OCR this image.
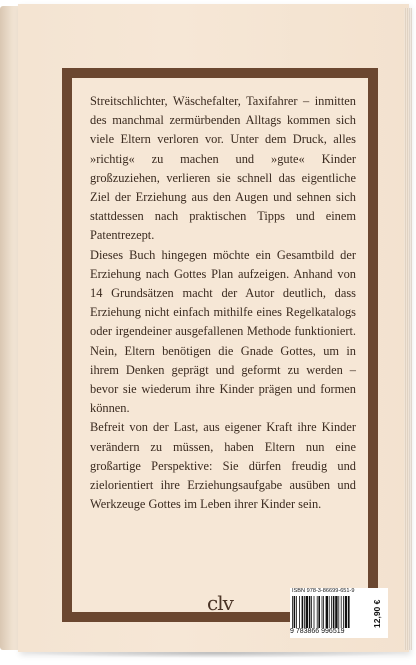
Streitschlichter, Wäschefalter, Taxifahrer – inmitten des manchmal zermürbenden Alltags kommen sich viele Eltern verloren vor. Unter dem Druck, alles »richtig« zu machen und »gute« Kinder großzuziehen, verlieren sie schnell das eigentliche Ziel der Erziehung aus den Augen und sehnen sich stattdessen nach praktischen Tipps und einem Patentrezept.

Dieses Buch hingegen möchte ein Gesamtbild der Erziehung nach Gottes Plan aufzeigen. Anhand von 14 Grundsätzen macht der Autor deutlich, dass Erziehung nicht einfach mithilfe eines Regelkatalogs oder irgendeiner ausgefallenen Methode funktioniert. Nein, Eltern benötigen die Gnade Gottes, um in ihrem Denken geprägt und geformt zu werden – bevor sie wiederum ihre Kinder prägen und formen können.

Befreit von der Last, aus eigener Kraft ihre Kinder verändern zu müssen, haben Eltern nun eine großartige Perspektive: Sie dürfen freudig und zielorientiert ihre Erziehungsaufgabe ausüben und Werkzeuge Gottes im Leben ihrer Kinder sein.

clv	ISBN 978-3-86699-651-9
9 783866 996519
12,90 €
